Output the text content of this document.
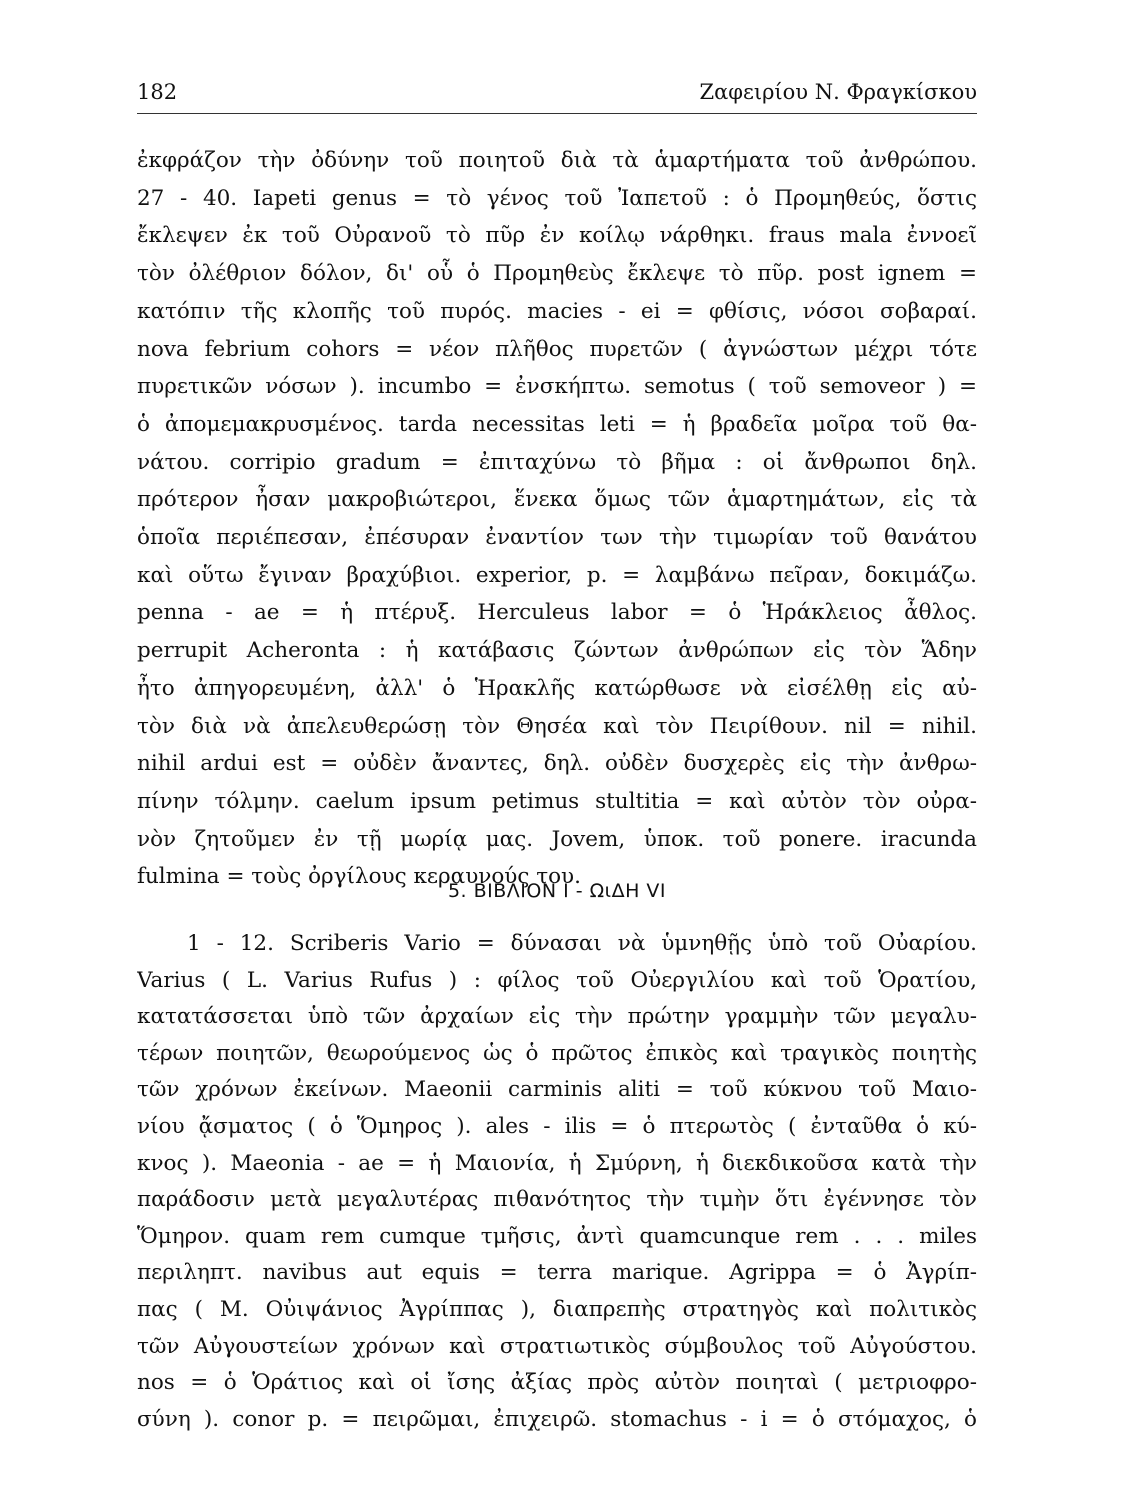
182	Ζαφειρίου Ν. Φραγκίσκου
ἐκφράζον τὴν ὀδύνην τοῦ ποιητοῦ διὰ τὰ ἁμαρτήματα τοῦ ἀνθρώπου.
27 - 40. Iapeti genus = τὸ γένος τοῦ Ἰαπετοῦ : ὁ Προμηθεύς, ὅστις
ἔκλεψεν ἐκ τοῦ Οὐρανοῦ τὸ πῦρ ἐν κοίλῳ νάρθηκι. fraus mala ἐννοεῖ
τὸν ὀλέθριον δόλον, δι' οὗ ὁ Προμηθεὺς ἔκλεψε τὸ πῦρ. post ignem =
κατόπιν τῆς κλοπῆς τοῦ πυρός. macies - ei = φθίσις, νόσοι σοβαραί.
nova febrium cohors = νέον πλῆθος πυρετῶν ( ἀγνώστων μέχρι τότε
πυρετικῶν νόσων ). incumbo = ἐνσκήπτω. semotus ( τοῦ semoveor ) =
ὁ ἀπομεμακρυσμένος. tarda necessitas leti = ἡ βραδεῖα μοῖρα τοῦ θα-
νάτου. corripio gradum = ἐπιταχύνω τὸ βῆμα : οἱ ἄνθρωποι δηλ.
πρότερον ἦσαν μακροβιώτεροι, ἕνεκα ὅμως τῶν ἁμαρτημάτων, εἰς τὰ
ὁποῖα περιέπεσαν, ἐπέσυραν ἐναντίον των τὴν τιμωρίαν τοῦ θανάτου
καὶ οὕτω ἔγιναν βραχύβιοι. experior, p. = λαμβάνω πεῖραν, δοκιμάζω.
penna - ae = ἡ πτέρυξ. Herculeus labor = ὁ Ἡράκλειος ἆθλος.
perrupit Acheronta : ἡ κατάβασις ζώντων ἀνθρώπων εἰς τὸν Ἅδην
ἦτο ἀπηγορευμένη, ἀλλ' ὁ Ἡρακλῆς κατώρθωσε νὰ εἰσέλθῃ εἰς αὐ-
τὸν διὰ νὰ ἀπελευθερώσῃ τὸν Θησέα καὶ τὸν Πειρίθουν. nil = nihil.
nihil ardui est = οὐδὲν ἄναντες, δηλ. οὐδὲν δυσχερὲς εἰς τὴν ἀνθρω-
πίνην τόλμην. caelum ipsum petimus stultitia = καὶ αὐτὸν τὸν οὐρα-
νὸν ζητοῦμεν ἐν τῇ μωρίᾳ μας. Jovem, ὑποκ. τοῦ ponere. iracunda
fulmina = τοὺς ὀργίλους κεραυνούς του.
5. ΒΙΒΛΙΟΝ Ι - ΩιΔΗ VI
1 - 12. Scriberis Vario = δύνασαι νὰ ὑμνηθῇς ὑπὸ τοῦ Οὐαρίου.
Varius ( L. Varius Rufus ) : φίλος τοῦ Οὐεργιλίου καὶ τοῦ Ὁρατίου,
κατατάσσεται ὑπὸ τῶν ἀρχαίων εἰς τὴν πρώτην γραμμὴν τῶν μεγαλυ-
τέρων ποιητῶν, θεωρούμενος ὡς ὁ πρῶτος ἐπικὸς καὶ τραγικὸς ποιητὴς
τῶν χρόνων ἐκείνων. Maeonii carminis aliti = τοῦ κύκνου τοῦ Μαιο-
νίου ᾄσματος ( ὁ Ὅμηρος ). ales - ilis = ὁ πτερωτὸς ( ἐνταῦθα ὁ κύ-
κνος ). Maeonia - ae = ἡ Μαιονία, ἡ Σμύρνη, ἡ διεκδικοῦσα κατὰ τὴν
παράδοσιν μετὰ μεγαλυτέρας πιθανότητος τὴν τιμὴν ὅτι ἐγέννησε τὸν
Ὅμηρον. quam rem cumque τμῆσις, ἀντὶ quamcunque rem . . . miles
περιληπτ. navibus aut equis = terra marique. Agrippa = ὁ Ἀγρίπ-
πας ( M. Οὐιψάνιος Ἀγρίππας ), διαπρεπὴς στρατηγὸς καὶ πολιτικὸς
τῶν Αὐγουστείων χρόνων καὶ στρατιωτικὸς σύμβουλος τοῦ Αὐγούστου.
nos = ὁ Ὁράτιος καὶ οἱ ἴσης ἀξίας πρὸς αὐτὸν ποιηταὶ ( μετριοφρο-
σύνη ). conor p. = πειρῶμαι, ἐπιχειρῶ. stomachus - i = ὁ στόμαχος, ὁ
